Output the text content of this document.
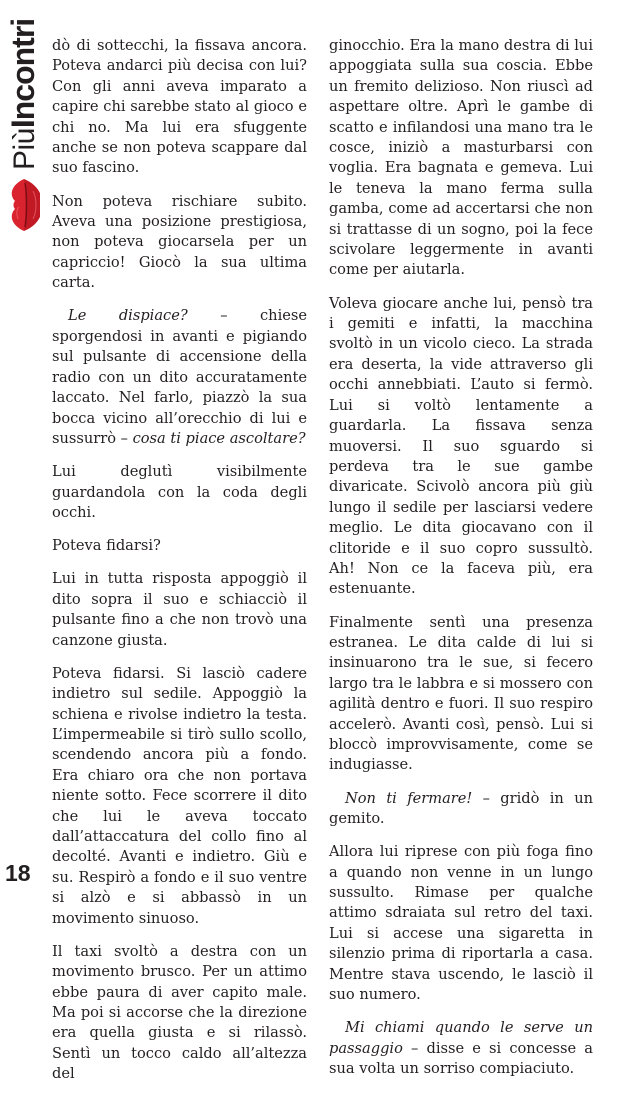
PiùIncontri
18

dò di sottecchi, la fissava ancora. Poteva andarci più decisa con lui? Con gli anni aveva imparato a capire chi sarebbe stato al gioco e chi no. Ma lui era sfuggente anche se non poteva scappare dal suo fascino.

Non poteva rischiare subito. Aveva una posizione prestigiosa, non poteva giocarsela per un capriccio! Giocò la sua ultima carta.

Le dispiace? – chiese sporgendosi in avanti e pigiando sul pulsante di accensione della radio con un dito accuratamente laccato. Nel farlo, piazzò la sua bocca vicino all’orecchio di lui e sussurrò – cosa ti piace ascoltare?

Lui deglutì visibilmente guardandola con la coda degli occhi.

Poteva fidarsi?

Lui in tutta risposta appoggiò il dito sopra il suo e schiacciò il pulsante fino a che non trovò una canzone giusta.

Poteva fidarsi. Si lasciò cadere indietro sul sedile. Appoggiò la schiena e rivolse indietro la testa. L’impermeabile si tirò sullo scollo, scendendo ancora più a fondo. Era chiaro ora che non portava niente sotto. Fece scorrere il dito che lui le aveva toccato dall’attaccatura del collo fino al decolté. Avanti e indietro. Giù e su. Respirò a fondo e il suo ventre si alzò e si abbassò in un movimento sinuoso.

Il taxi svoltò a destra con un movimento brusco. Per un attimo ebbe paura di aver capito male. Ma poi si accorse che la direzione era quella giusta e si rilassò. Sentì un tocco caldo all’altezza del

ginocchio. Era la mano destra di lui appoggiata sulla sua coscia. Ebbe un fremito delizioso. Non riuscì ad aspettare oltre. Aprì le gambe di scatto e infilandosi una mano tra le cosce, iniziò a masturbarsi con voglia. Era bagnata e gemeva. Lui le teneva la mano ferma sulla gamba, come ad accertarsi che non si trattasse di un sogno, poi la fece scivolare leggermente in avanti come per aiutarla.

Voleva giocare anche lui, pensò tra i gemiti e infatti, la macchina svoltò in un vicolo cieco. La strada era deserta, la vide attraverso gli occhi annebbiati. L’auto si fermò. Lui si voltò lentamente a guardarla. La fissava senza muoversi. Il suo sguardo si perdeva tra le sue gambe divaricate. Scivolò ancora più giù lungo il sedile per lasciarsi vedere meglio. Le dita giocavano con il clitoride e il suo copro sussultò. Ah! Non ce la faceva più, era estenuante.

Finalmente sentì una presenza estranea. Le dita calde di lui si insinuarono tra le sue, si fecero largo tra le labbra e si mossero con agilità dentro e fuori. Il suo respiro accelerò. Avanti così, pensò. Lui si bloccò improvvisamente, come se indugiasse.

Non ti fermare! – gridò in un gemito.

Allora lui riprese con più foga fino a quando non venne in un lungo sussulto. Rimase per qualche attimo sdraiata sul retro del taxi. Lui si accese una sigaretta in silenzio prima di riportarla a casa. Mentre stava uscendo, le lasciò il suo numero.

Mi chiami quando le serve un passaggio – disse e si concesse a sua volta un sorriso compiaciuto.
